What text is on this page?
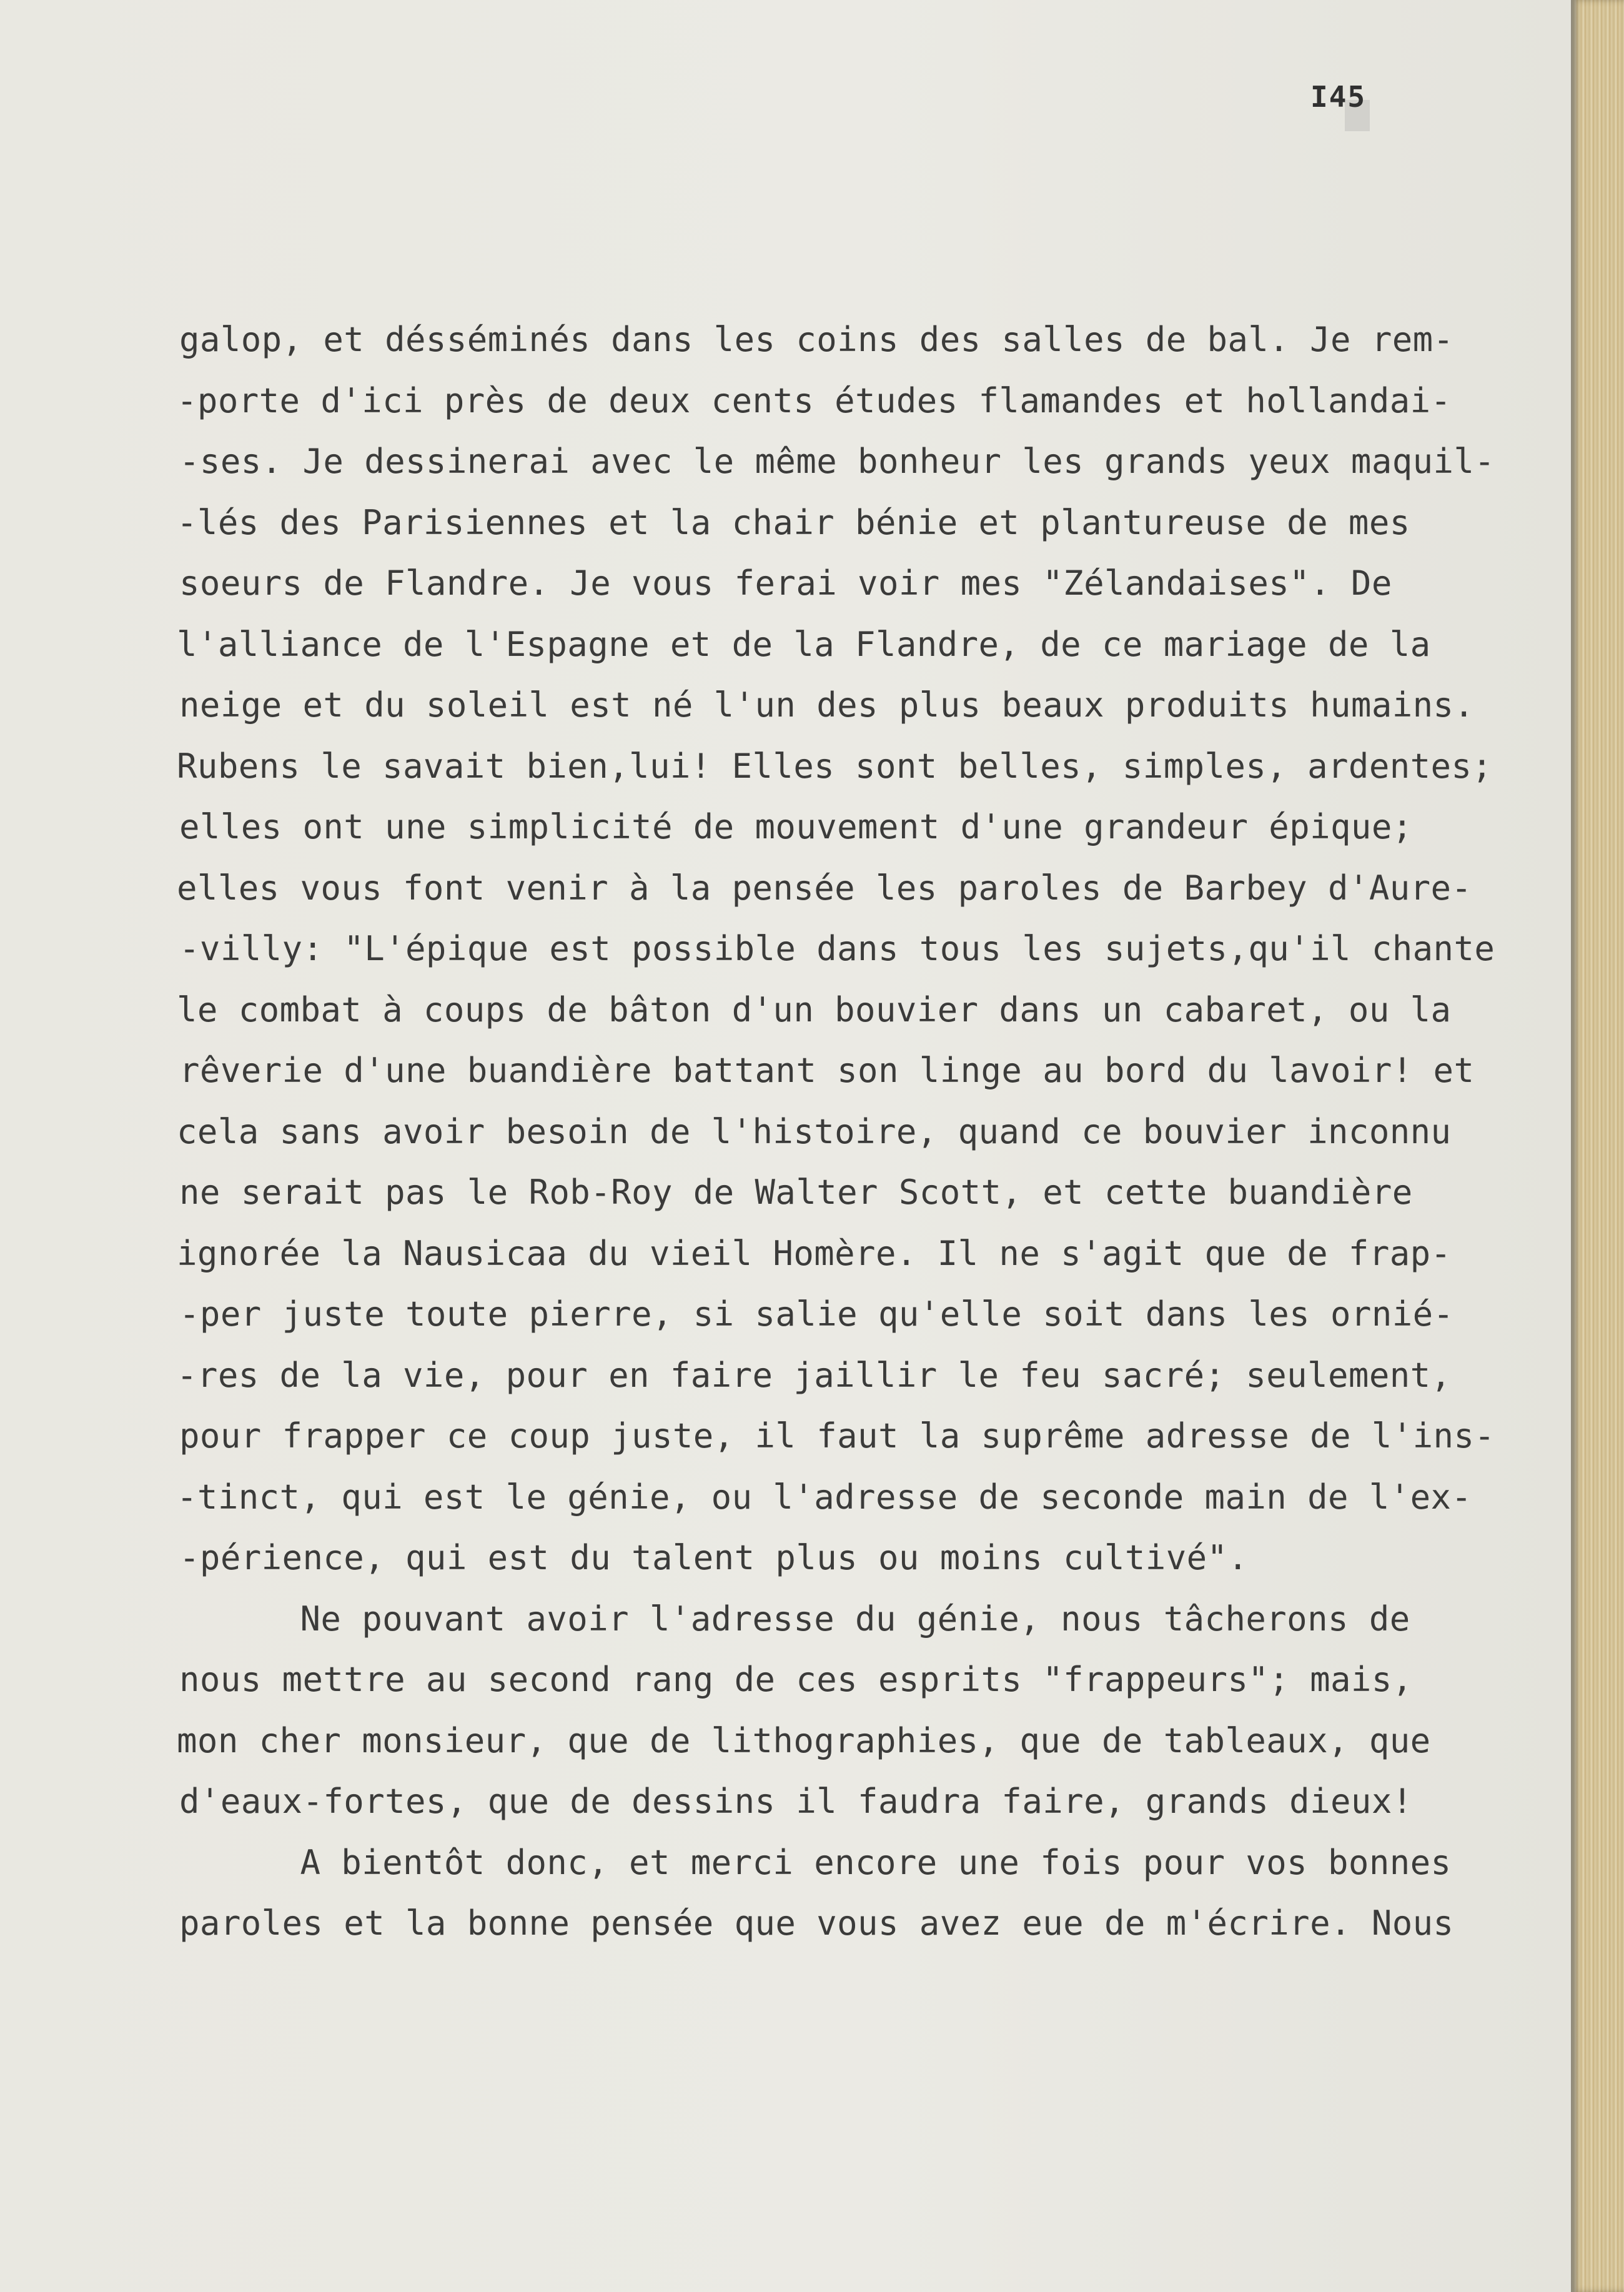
I45
galop, et désséminés dans les coins des salles de bal. Je rem-
-porte d'ici près de deux cents études flamandes et hollandai-
-ses. Je dessinerai avec le même bonheur les grands yeux maquil-
-lés des Parisiennes et la chair bénie et plantureuse de mes
soeurs de Flandre. Je vous ferai voir mes "Zélandaises". De
l'alliance de l'Espagne et de la Flandre, de ce mariage de la
neige et du soleil est né l'un des plus beaux produits humains.
Rubens le savait bien,lui! Elles sont belles, simples, ardentes;
elles ont une simplicité de mouvement d'une grandeur épique;
elles vous font venir à la pensée les paroles de Barbey d'Aure-
-villy: "L'épique est possible dans tous les sujets,qu'il chante
le combat à coups de bâton d'un bouvier dans un cabaret, ou la
rêverie d'une buandière battant son linge au bord du lavoir! et
cela sans avoir besoin de l'histoire, quand ce bouvier inconnu
ne serait pas le Rob-Roy de Walter Scott, et cette buandière
ignorée la Nausicaa du vieil Homère. Il ne s'agit que de frap-
-per juste toute pierre, si salie qu'elle soit dans les ornié-
-res de la vie, pour en faire jaillir le feu sacré; seulement,
pour frapper ce coup juste, il faut la suprême adresse de l'ins-
-tinct, qui est le génie, ou l'adresse de seconde main de l'ex-
-périence, qui est du talent plus ou moins cultivé".
Ne pouvant avoir l'adresse du génie, nous tâcherons de
nous mettre au second rang de ces esprits "frappeurs"; mais,
mon cher monsieur, que de lithographies, que de tableaux, que
d'eaux-fortes, que de dessins il faudra faire, grands dieux!
A bientôt donc, et merci encore une fois pour vos bonnes
paroles et la bonne pensée que vous avez eue de m'écrire. Nous
